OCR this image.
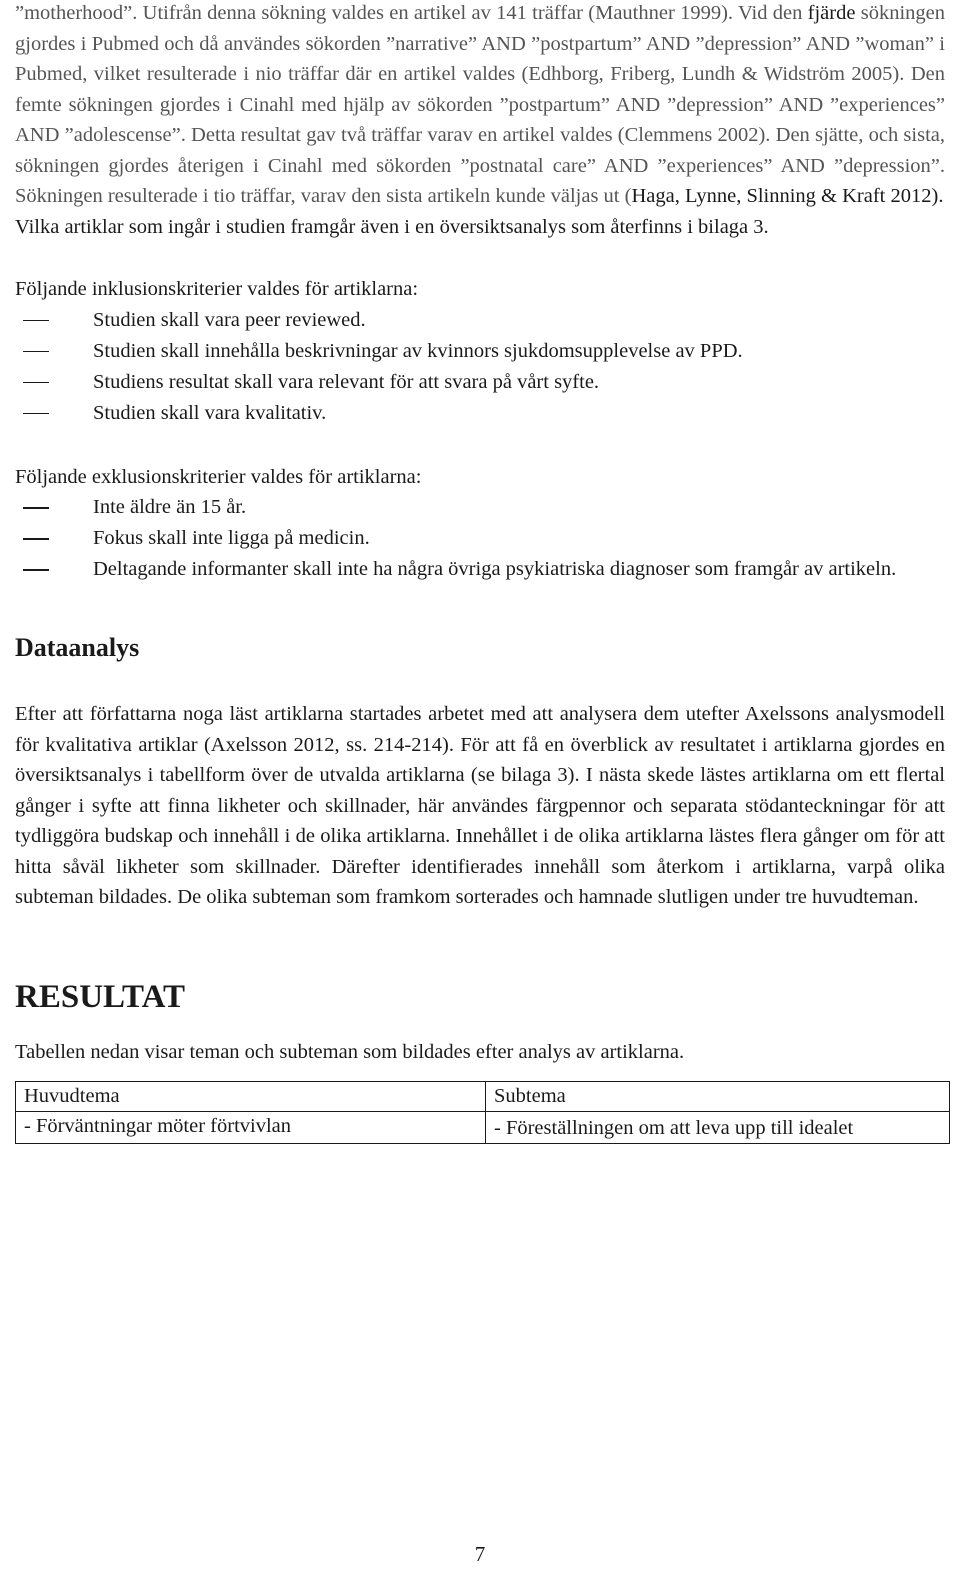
”motherhood”. Utifrån denna sökning valdes en artikel av 141 träffar (Mauthner 1999). Vid den fjärde sökningen gjordes i Pubmed och då användes sökorden ”narrative” AND ”postpartum” AND ”depression” AND ”woman” i Pubmed, vilket resulterade i nio träffar där en artikel valdes (Edhborg, Friberg, Lundh & Widström 2005). Den femte sökningen gjordes i Cinahl med hjälp av sökorden ”postpartum” AND ”depression” AND ”experiences” AND ”adolescense”. Detta resultat gav två träffar varav en artikel valdes (Clemmens 2002). Den sjätte, och sista, sökningen gjordes återigen i Cinahl med sökorden ”postnatal care” AND ”experiences” AND ”depression”. Sökningen resulterade i tio träffar, varav den sista artikeln kunde väljas ut (Haga, Lynne, Slinning & Kraft 2012).

Vilka artiklar som ingår i studien framgår även i en översiktsanalys som återfinns i bilaga 3.

Följande inklusionskriterier valdes för artiklarna:

Studien skall vara peer reviewed.
Studien skall innehålla beskrivningar av kvinnors sjukdomsupplevelse av PPD.
Studiens resultat skall vara relevant för att svara på vårt syfte.
Studien skall vara kvalitativ.

Följande exklusionskriterier valdes för artiklarna:

Inte äldre än 15 år.
Fokus skall inte ligga på medicin.
Deltagande informanter skall inte ha några övriga psykiatriska diagnoser som framgår av artikeln.
Dataanalys

Efter att författarna noga läst artiklarna startades arbetet med att analysera dem utefter Axelssons analysmodell för kvalitativa artiklar (Axelsson 2012, ss. 214-214). För att få en överblick av resultatet i artiklarna gjordes en översiktsanalys i tabellform över de utvalda artiklarna (se bilaga 3). I nästa skede lästes artiklarna om ett flertal gånger i syfte att finna likheter och skillnader, här användes färgpennor och separata stödanteckningar för att tydliggöra budskap och innehåll i de olika artiklarna. Innehållet i de olika artiklarna lästes flera gånger om för att hitta såväl likheter som skillnader. Därefter identifierades innehåll som återkom i artiklarna, varpå olika subteman bildades. De olika subteman som framkom sorterades och hamnade slutligen under tre huvudteman.

RESULTAT

Tabellen nedan visar teman och subteman som bildades efter analys av artiklarna.

Huvudtema	Subtema
- Förväntningar möter förtvivlan	- Föreställningen om att leva upp till idealet
7
